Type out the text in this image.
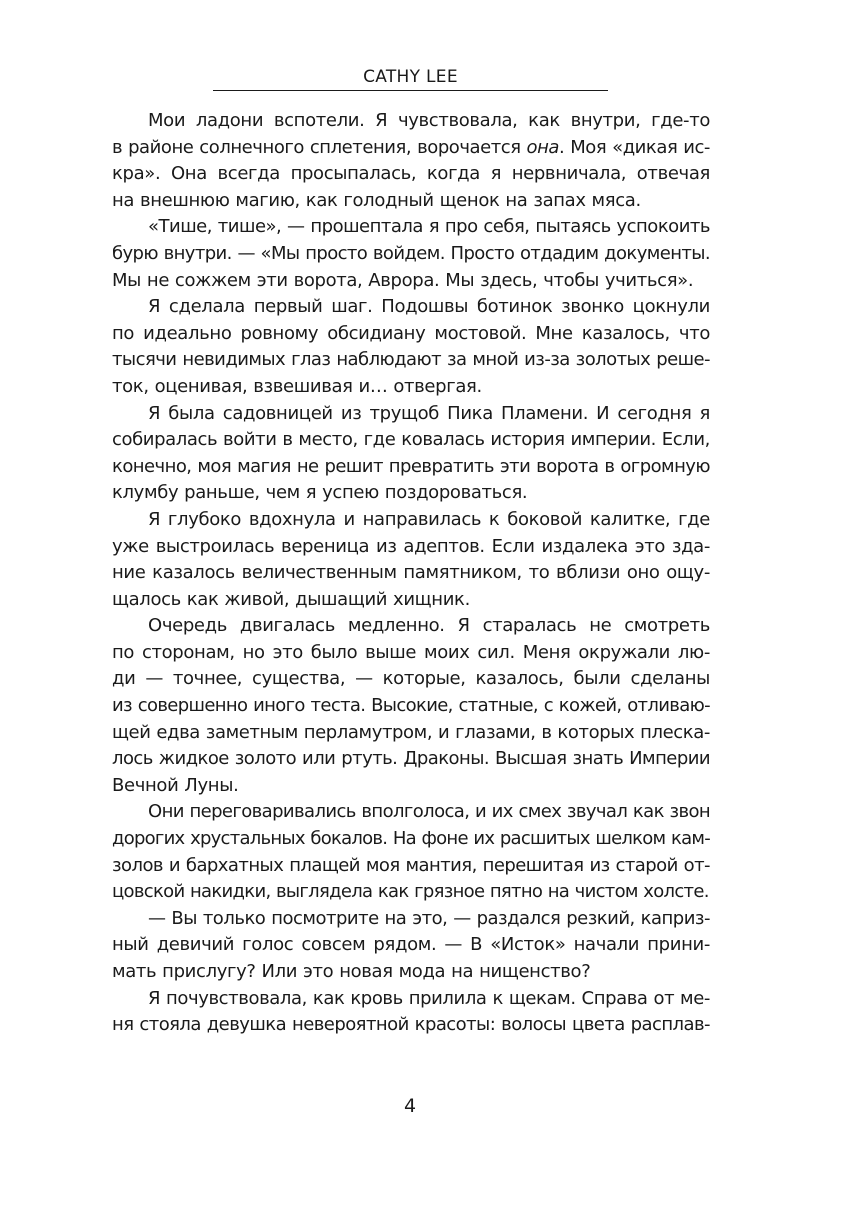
CATHY LEE
Мои ладони вспотели. Я чувствовала, как внутри, где-то
в районе солнечного сплетения, ворочается она. Моя «дикая ис-
кра». Она всегда просыпалась, когда я нервничала, отвечая
на внешнюю магию, как голодный щенок на запах мяса.
«Тише, тише», — прошептала я про себя, пытаясь успокоить
бурю внутри. — «Мы просто войдем. Просто отдадим документы.
Мы не сожжем эти ворота, Аврора. Мы здесь, чтобы учиться».
Я сделала первый шаг. Подошвы ботинок звонко цокнули
по идеально ровному обсидиану мостовой. Мне казалось, что
тысячи невидимых глаз наблюдают за мной из-за золотых реше-
ток, оценивая, взвешивая и… отвергая.
Я была садовницей из трущоб Пика Пламени. И сегодня я
собиралась войти в место, где ковалась история империи. Если,
конечно, моя магия не решит превратить эти ворота в огромную
клумбу раньше, чем я успею поздороваться.
Я глубоко вдохнула и направилась к боковой калитке, где
уже выстроилась вереница из адептов. Если издалека это зда-
ние казалось величественным памятником, то вблизи оно ощу-
щалось как живой, дышащий хищник.
Очередь двигалась медленно. Я старалась не смотреть
по сторонам, но это было выше моих сил. Меня окружали лю-
ди — точнее, существа, — которые, казалось, были сделаны
из совершенно иного теста. Высокие, статные, с кожей, отливаю-
щей едва заметным перламутром, и глазами, в которых плеска-
лось жидкое золото или ртуть. Драконы. Высшая знать Империи
Вечной Луны.
Они переговаривались вполголоса, и их смех звучал как звон
дорогих хрустальных бокалов. На фоне их расшитых шелком кам-
золов и бархатных плащей моя мантия, перешитая из старой от-
цовской накидки, выглядела как грязное пятно на чистом холсте.
— Вы только посмотрите на это, — раздался резкий, каприз-
ный девичий голос совсем рядом. — В «Исток» начали прини-
мать прислугу? Или это новая мода на нищенство?
Я почувствовала, как кровь прилила к щекам. Справа от ме-
ня стояла девушка невероятной красоты: волосы цвета расплав-
4
